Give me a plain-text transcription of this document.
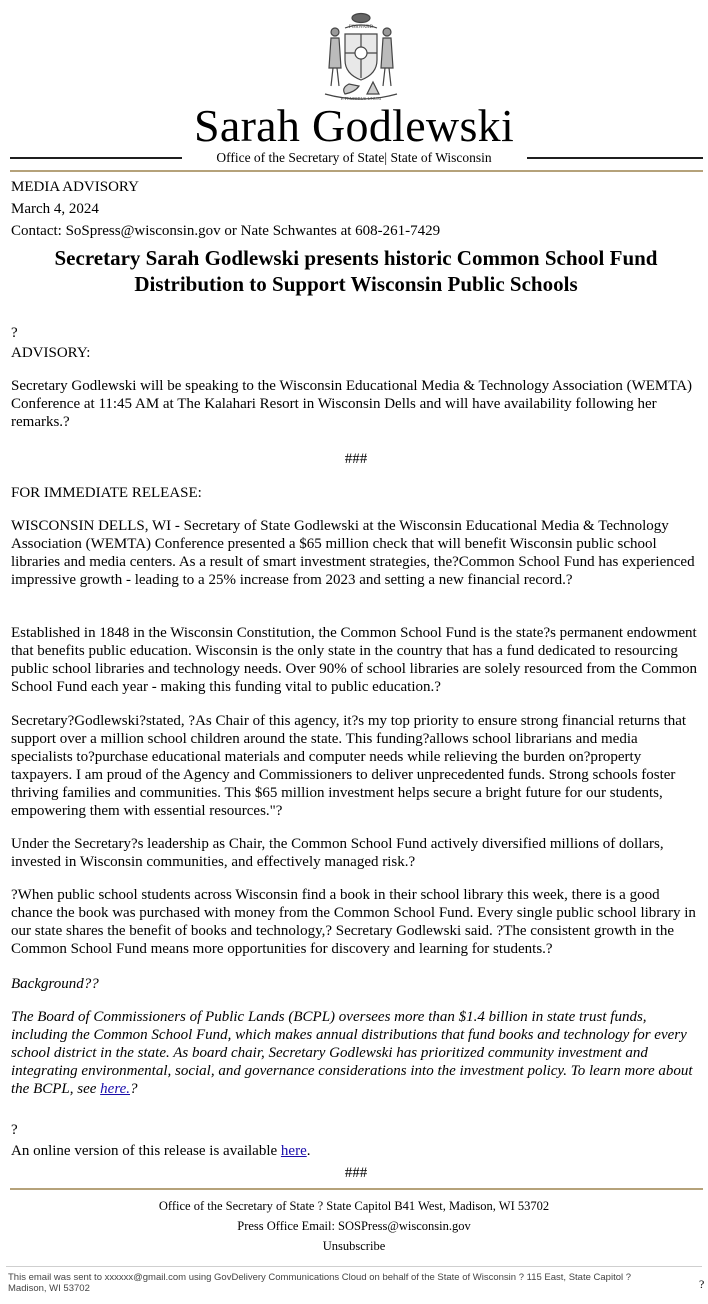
FORWARD
E PLURIBUS UNUM
Sarah Godlewski
Office of the Secretary of State| State of Wisconsin

MEDIA ADVISORY

March 4, 2024

Contact: SoSpress@wisconsin.gov or Nate Schwantes at 608-261-7429

Secretary Sarah Godlewski presents historic Common School Fund Distribution to Support Wisconsin Public Schools

?

ADVISORY:

Secretary Godlewski will be speaking to the Wisconsin Educational Media & Technology Association (WEMTA) Conference at 11:45 AM at The Kalahari Resort in Wisconsin Dells and will have availability following her remarks.?

###

FOR IMMEDIATE RELEASE:

WISCONSIN DELLS, WI - Secretary of State Godlewski at the Wisconsin Educational Media & Technology Association (WEMTA) Conference presented a $65 million check that will benefit Wisconsin public school libraries and media centers. As a result of smart investment strategies, the?Common School Fund has experienced impressive growth - leading to a 25% increase from 2023 and setting a new financial record.?

Established in 1848 in the Wisconsin Constitution, the Common School Fund is the state?s permanent endowment that benefits public education. Wisconsin is the only state in the country that has a fund dedicated to resourcing public school libraries and technology needs. Over 90% of school libraries are solely resourced from the Common School Fund each year - making this funding vital to public education.?

Secretary?Godlewski?stated, ?As Chair of this agency, it?s my top priority to ensure strong financial returns that support over a million school children around the state. This funding?allows school librarians and media specialists to?purchase educational materials and computer needs while relieving the burden on?property taxpayers. I am proud of the Agency and Commissioners to deliver unprecedented funds. Strong schools foster thriving families and communities. This $65 million investment helps secure a bright future for our students, empowering them with essential resources."?

Under the Secretary?s leadership as Chair, the Common School Fund actively diversified millions of dollars, invested in Wisconsin communities, and effectively managed risk.?

?When public school students across Wisconsin find a book in their school library this week, there is a good chance the book was purchased with money from the Common School Fund. Every single public school library in our state shares the benefit of books and technology,? Secretary Godlewski said. ?The consistent growth in the Common School Fund means more opportunities for discovery and learning for students.?

Background??

The Board of Commissioners of Public Lands (BCPL) oversees more than $1.4 billion in state trust funds, including the Common School Fund, which makes annual distributions that fund books and technology for every school district in the state. As board chair, Secretary Godlewski has prioritized community investment and integrating environmental, social, and governance considerations into the investment policy. To learn more about the BCPL, see here.?

?

An online version of this release is available here.

###

Office of the Secretary of State ? State Capitol B41 West, Madison, WI 53702
Press Office Email: SOSPress@wisconsin.gov
Unsubscribe
This email was sent to xxxxxx@gmail.com using GovDelivery Communications Cloud on behalf of the State of Wisconsin ? 115 East, State Capitol ? Madison, WI 53702	?
